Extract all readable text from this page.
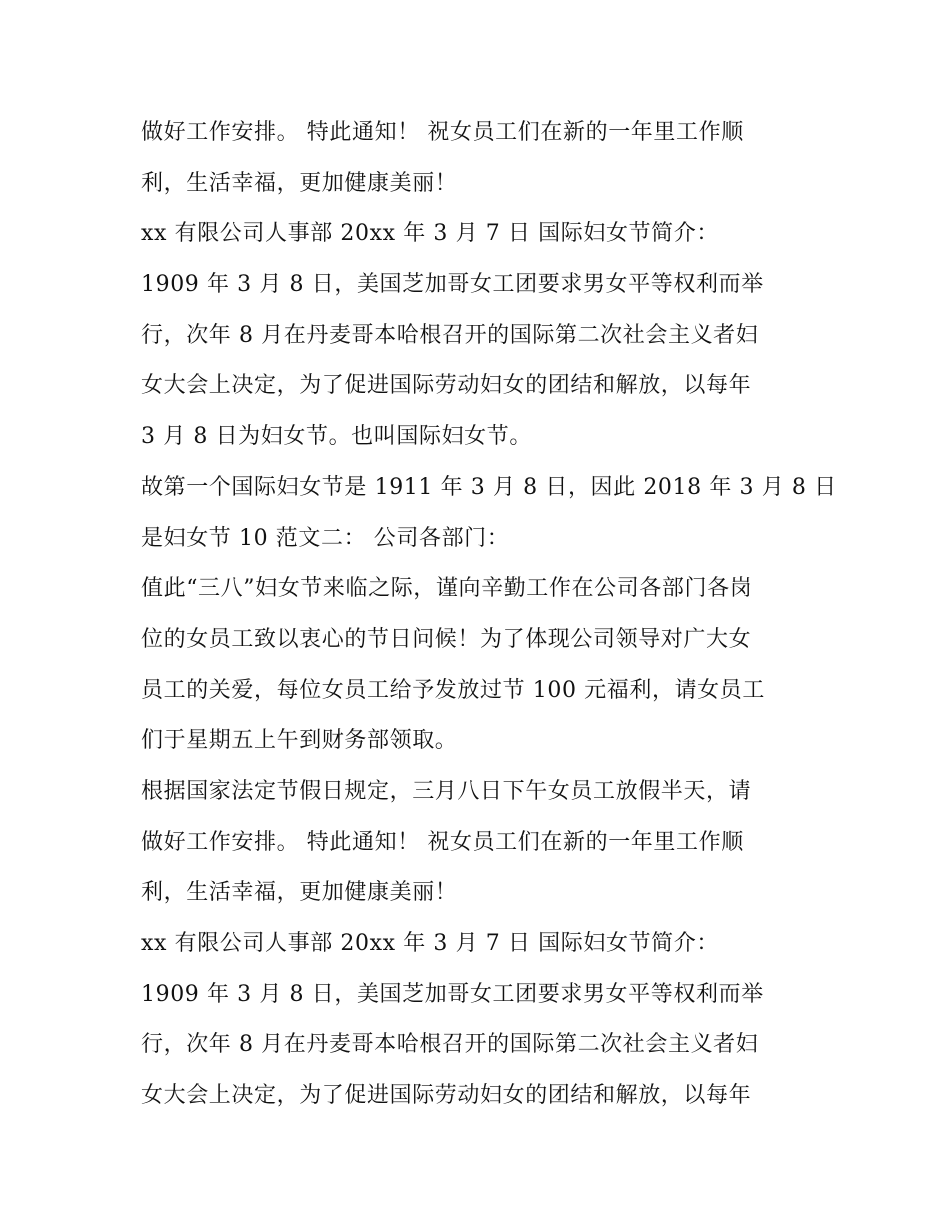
做好工作安排。 特此通知！ 祝女员工们在新的一年里工作顺
利，生活幸福，更加健康美丽！
xx 有限公司人事部 20xx 年 3 月 7 日 国际妇女节简介：
1909 年 3 月 8 日，美国芝加哥女工团要求男女平等权利而举
行，次年 8 月在丹麦哥本哈根召开的国际第二次社会主义者妇
女大会上决定，为了促进国际劳动妇女的团结和解放，以每年
3 月 8 日为妇女节。也叫国际妇女节。
故第一个国际妇女节是 1911 年 3 月 8 日，因此 2018 年 3 月 8 日
是妇女节 10 范文二： 公司各部门：
值此“三八”妇女节来临之际，谨向辛勤工作在公司各部门各岗
位的女员工致以衷心的节日问候！为了体现公司领导对广大女
员工的关爱，每位女员工给予发放过节 100 元福利，请女员工
们于星期五上午到财务部领取。
根据国家法定节假日规定，三月八日下午女员工放假半天，请
做好工作安排。 特此通知！ 祝女员工们在新的一年里工作顺
利，生活幸福，更加健康美丽！
xx 有限公司人事部 20xx 年 3 月 7 日 国际妇女节简介：
1909 年 3 月 8 日，美国芝加哥女工团要求男女平等权利而举
行，次年 8 月在丹麦哥本哈根召开的国际第二次社会主义者妇
女大会上决定，为了促进国际劳动妇女的团结和解放，以每年
